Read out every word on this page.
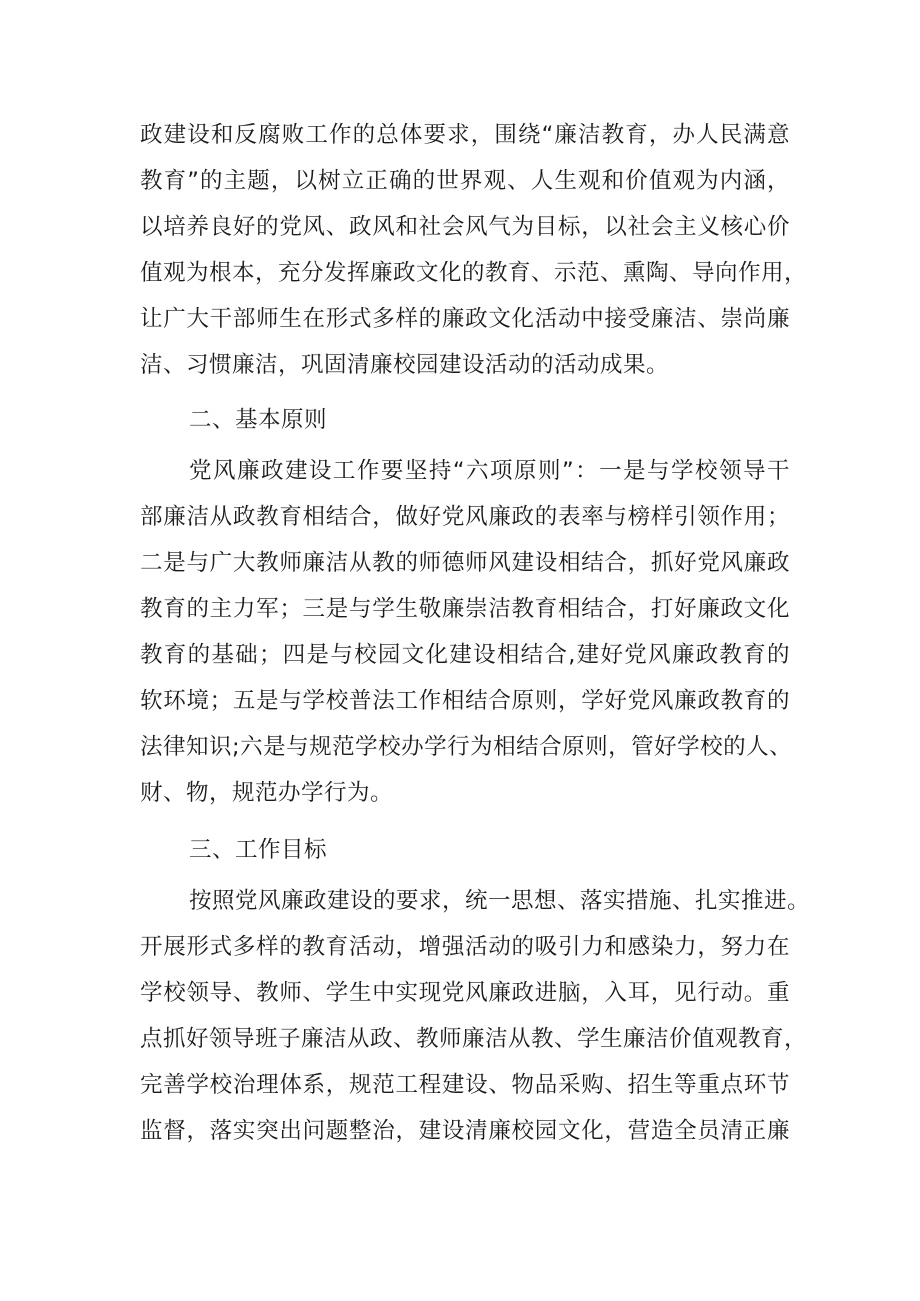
政建设和反腐败工作的总体要求，围绕“廉洁教育，办人民满意
教育”的主题，以树立正确的世界观、人生观和价值观为内涵，
以培养良好的党风、政风和社会风气为目标，以社会主义核心价
值观为根本，充分发挥廉政文化的教育、示范、熏陶、导向作用，
让广大干部师生在形式多样的廉政文化活动中接受廉洁、崇尚廉
洁、习惯廉洁，巩固清廉校园建设活动的活动成果。
二、基本原则
党风廉政建设工作要坚持“六项原则”：一是与学校领导干
部廉洁从政教育相结合，做好党风廉政的表率与榜样引领作用；
二是与广大教师廉洁从教的师德师风建设相结合，抓好党风廉政
教育的主力军；三是与学生敬廉崇洁教育相结合，打好廉政文化
教育的基础；四是与校园文化建设相结合,建好党风廉政教育的
软环境；五是与学校普法工作相结合原则，学好党风廉政教育的
法律知识;六是与规范学校办学行为相结合原则，管好学校的人、
财、物，规范办学行为。
三、工作目标
按照党风廉政建设的要求，统一思想、落实措施、扎实推进。
开展形式多样的教育活动，增强活动的吸引力和感染力，努力在
学校领导、教师、学生中实现党风廉政进脑，入耳，见行动。重
点抓好领导班子廉洁从政、教师廉洁从教、学生廉洁价值观教育，
完善学校治理体系，规范工程建设、物品采购、招生等重点环节
监督，落实突出问题整治，建设清廉校园文化，营造全员清正廉
